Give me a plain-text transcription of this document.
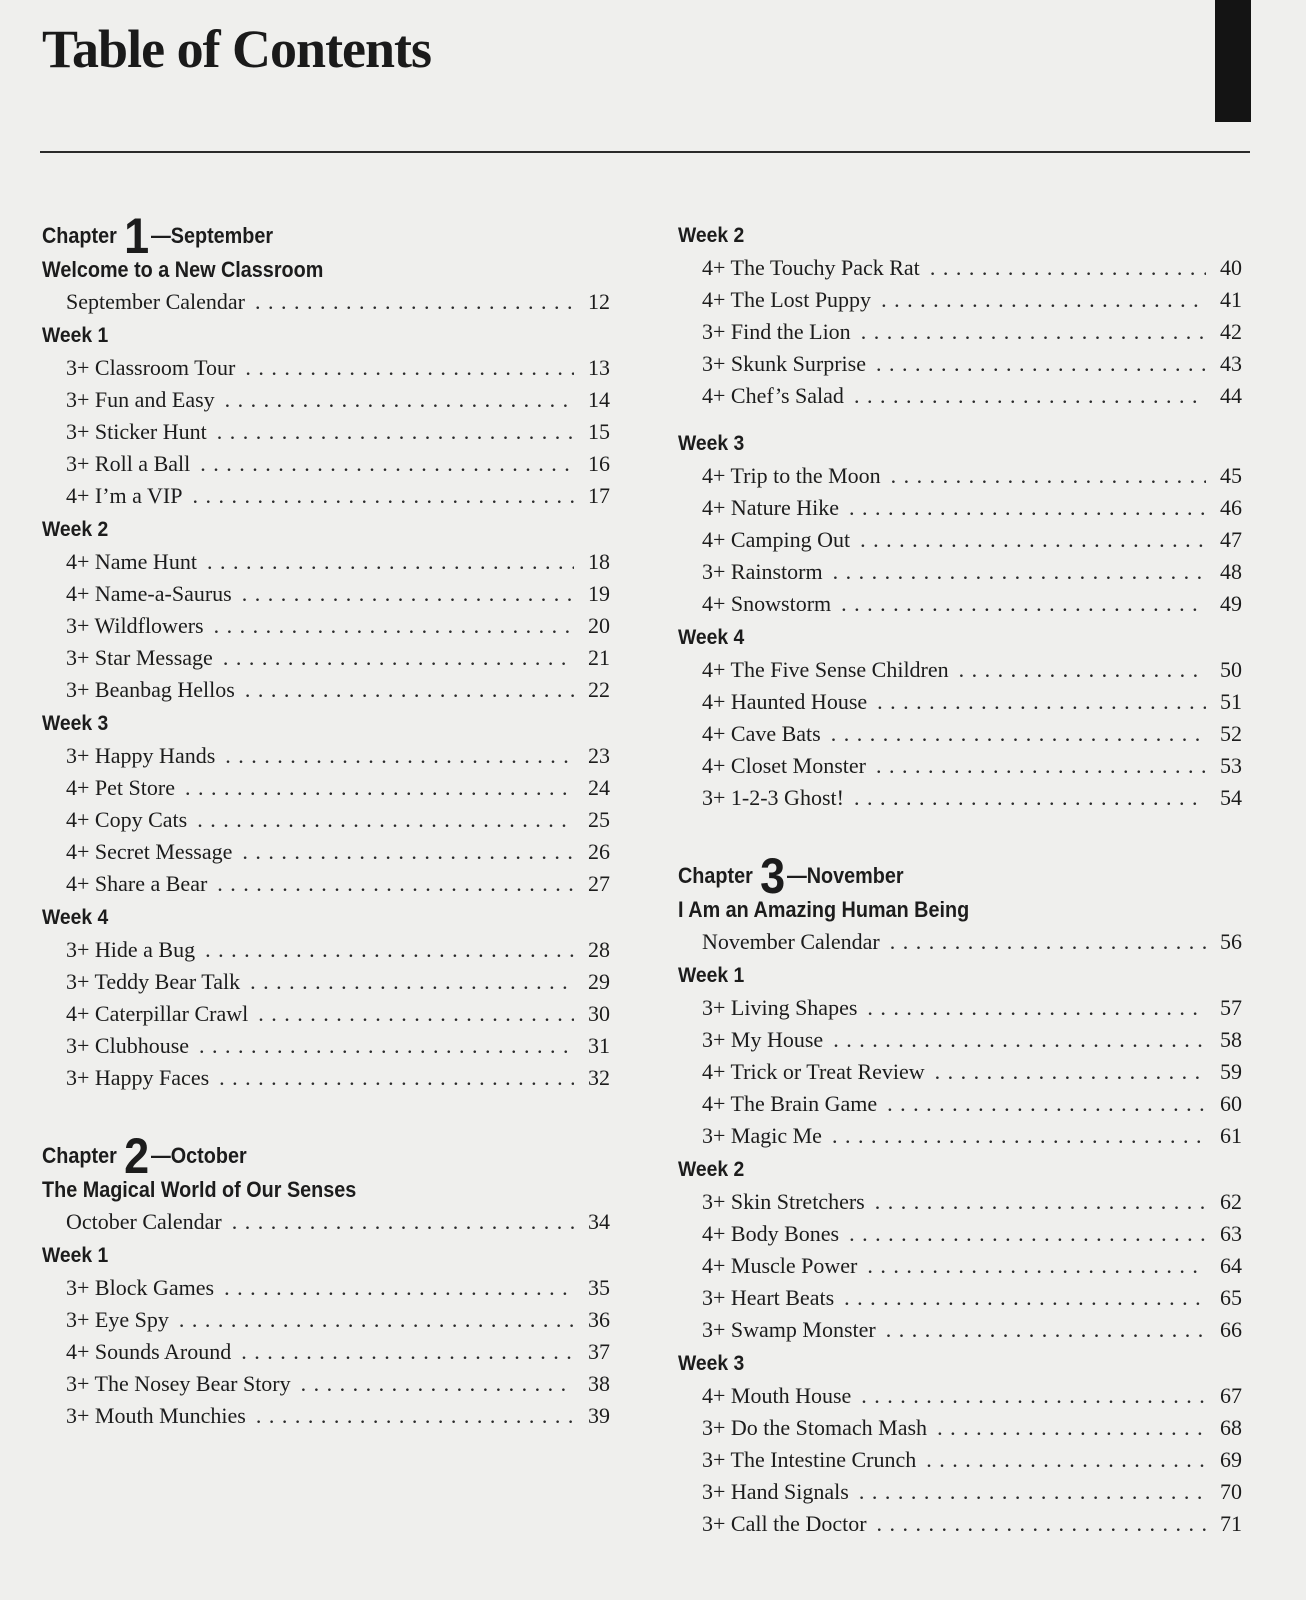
Table of Contents
Chapter 1—September
Welcome to a New Classroom
September Calendar . . .	12
Week 1
3+ Classroom Tour . . .	13
3+ Fun and Easy . . .	14
3+ Sticker Hunt . . .	15
3+ Roll a Ball . . .	16
4+ I’m a VIP . . .	17
Week 2
4+ Name Hunt . . .	18
4+ Name-a-Saurus . . .	19
3+ Wildflowers . . .	20
3+ Star Message . . .	21
3+ Beanbag Hellos . . .	22
Week 3
3+ Happy Hands . . .	23
4+ Pet Store . . .	24
4+ Copy Cats . . .	25
4+ Secret Message . . .	26
4+ Share a Bear . . .	27
Week 4
3+ Hide a Bug . . .	28
3+ Teddy Bear Talk . . .	29
4+ Caterpillar Crawl . . .	30
3+ Clubhouse . . .	31
3+ Happy Faces . . .	32
Chapter 2—October
The Magical World of Our Senses
October Calendar . . .	34
Week 1
3+ Block Games . . .	35
3+ Eye Spy . . .	36
4+ Sounds Around . . .	37
3+ The Nosey Bear Story . . .	38
3+ Mouth Munchies . . .	39
Week 2
4+ The Touchy Pack Rat . . .	40
4+ The Lost Puppy . . .	41
3+ Find the Lion . . .	42
3+ Skunk Surprise . . .	43
4+ Chef’s Salad . . .	44
Week 3
4+ Trip to the Moon . . .	45
4+ Nature Hike . . .	46
4+ Camping Out . . .	47
3+ Rainstorm . . .	48
4+ Snowstorm . . .	49
Week 4
4+ The Five Sense Children . . .	50
4+ Haunted House . . .	51
4+ Cave Bats . . .	52
4+ Closet Monster . . .	53
3+ 1-2-3 Ghost! . . .	54
Chapter 3—November
I Am an Amazing Human Being
November Calendar . . .	56
Week 1
3+ Living Shapes . . .	57
3+ My House . . .	58
4+ Trick or Treat Review . . .	59
4+ The Brain Game . . .	60
3+ Magic Me . . .	61
Week 2
3+ Skin Stretchers . . .	62
4+ Body Bones . . .	63
4+ Muscle Power . . .	64
3+ Heart Beats . . .	65
3+ Swamp Monster . . .	66
Week 3
4+ Mouth House . . .	67
3+ Do the Stomach Mash . . .	68
3+ The Intestine Crunch . . .	69
3+ Hand Signals . . .	70
3+ Call the Doctor . . .	71
